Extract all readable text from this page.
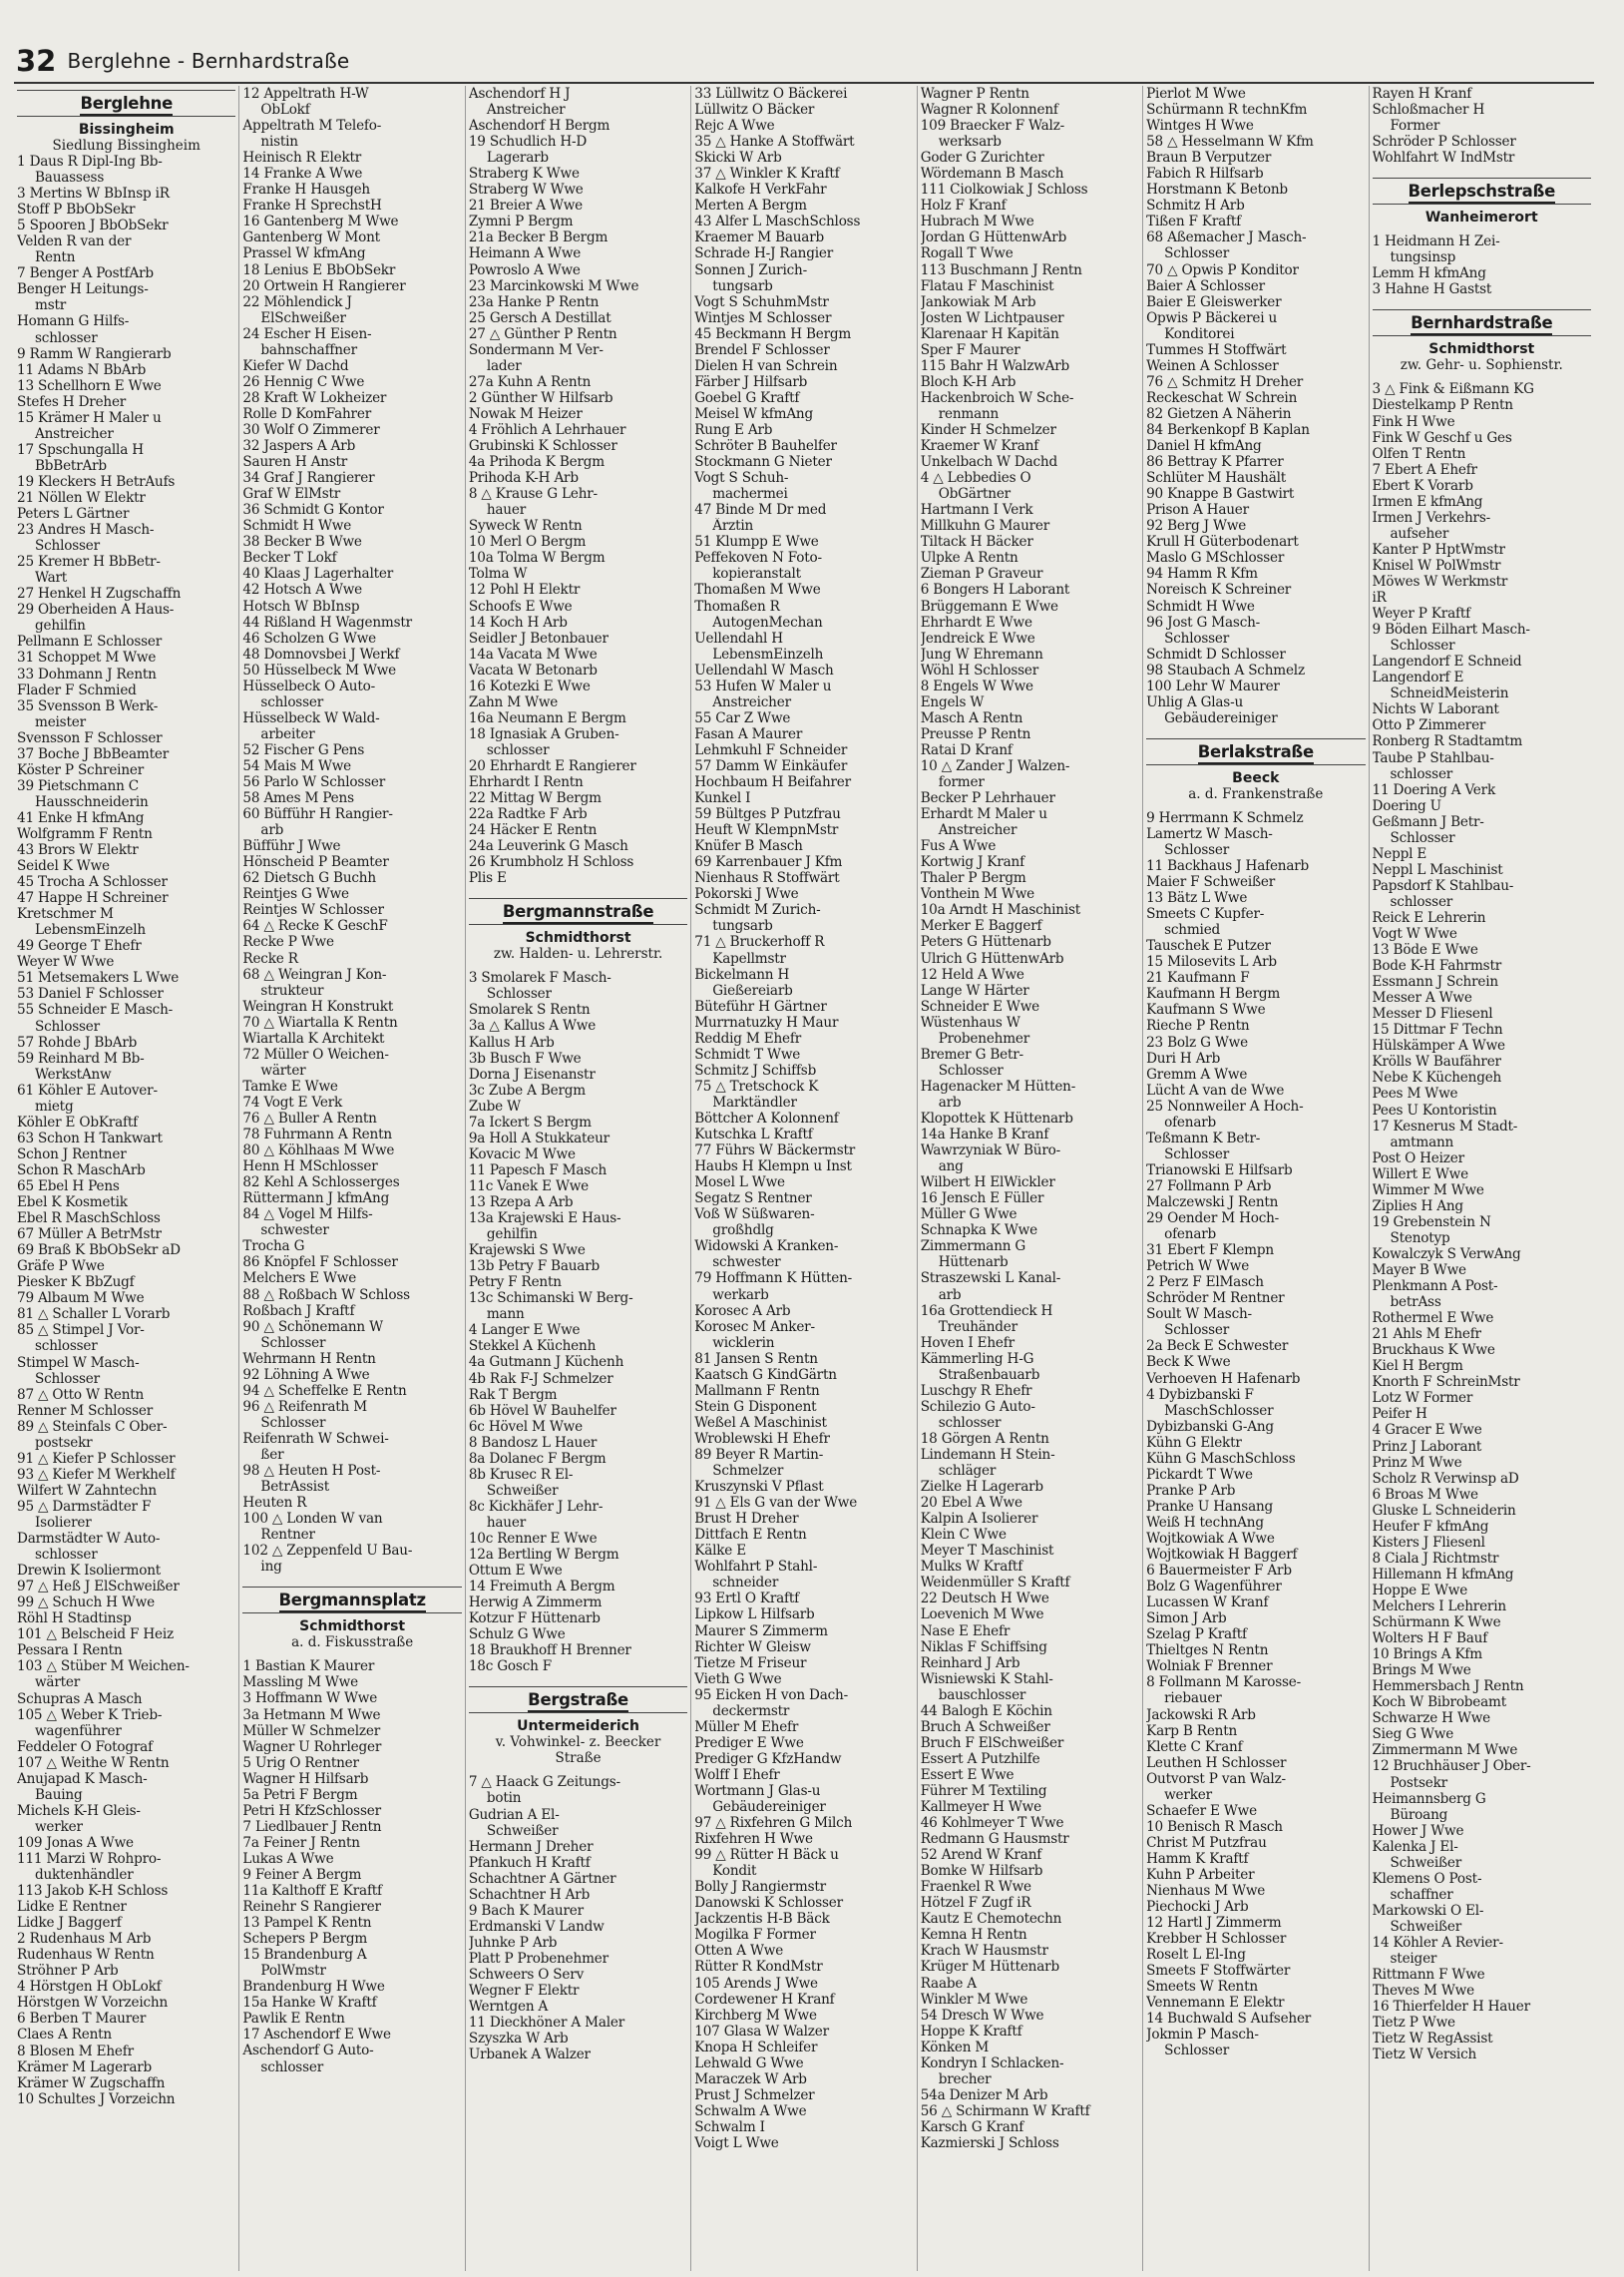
32 Berglehne - Bernhardstraße
Berglehne
Bissingheim
Siedlung Bissingheim
1 Daus R Dipl-Ing Bb-
Bauassess
3 Mertins W BbInsp iR
Stoff P BbObSekr
5 Spooren J BbObSekr
Velden R van der
Rentn
7 Benger A PostfArb
Benger H Leitungs-
mstr
Homann G Hilfs-
schlosser
9 Ramm W Rangierarb
11 Adams N BbArb
13 Schellhorn E Wwe
Stefes H Dreher
15 Krämer H Maler u
Anstreicher
17 Spschungalla H
BbBetrArb
19 Kleckers H BetrAufs
21 Nöllen W Elektr
Peters L Gärtner
23 Andres H Masch-
Schlosser
25 Kremer H BbBetr-
Wart
27 Henkel H Zugschaffn
29 Oberheiden A Haus-
gehilfin
Pellmann E Schlosser
31 Schoppet M Wwe
33 Dohmann J Rentn
Flader F Schmied
35 Svensson B Werk-
meister
Svensson F Schlosser
37 Boche J BbBeamter
Köster P Schreiner
39 Pietschmann C
Hausschneiderin
41 Enke H kfmAng
Wolfgramm F Rentn
43 Brors W Elektr
Seidel K Wwe
45 Trocha A Schlosser
47 Happe H Schreiner
Kretschmer M
LebensmEinzelh
49 George T Ehefr
Weyer W Wwe
51 Metsemakers L Wwe
53 Daniel F Schlosser
55 Schneider E Masch-
Schlosser
57 Rohde J BbArb
59 Reinhard M Bb-
WerkstAnw
61 Köhler E Autover-
mietg
Köhler E ObKraftf
63 Schon H Tankwart
Schon J Rentner
Schon R MaschArb
65 Ebel H Pens
Ebel K Kosmetik
Ebel R MaschSchloss
67 Müller A BetrMstr
69 Braß K BbObSekr aD
Gräfe P Wwe
Piesker K BbZugf
79 Albaum M Wwe
81 △ Schaller L Vorarb
85 △ Stimpel J Vor-
schlosser
Stimpel W Masch-
Schlosser
87 △ Otto W Rentn
Renner M Schlosser
89 △ Steinfals C Ober-
postsekr
91 △ Kiefer P Schlosser
93 △ Kiefer M Werkhelf
Wilfert W Zahntechn
95 △ Darmstädter F
Isolierer
Darmstädter W Auto-
schlosser
Drewin K Isoliermont
97 △ Heß J ElSchweißer
99 △ Schuch H Wwe
Röhl H Stadtinsp
101 △ Belscheid F Heiz
Pessara I Rentn
103 △ Stüber M Weichen-
wärter
Schupras A Masch
105 △ Weber K Trieb-
wagenführer
Feddeler O Fotograf
107 △ Weithe W Rentn
Anujapad K Masch-
Bauing
Michels K-H Gleis-
werker
109 Jonas A Wwe
111 Marzi W Rohpro-
duktenhändler
113 Jakob K-H Schloss
Lidke E Rentner
Lidke J Baggerf
2 Rudenhaus M Arb
Rudenhaus W Rentn
Ströhner P Arb
4 Hörstgen H ObLokf
Hörstgen W Vorzeichn
6 Berben T Maurer
Claes A Rentn
8 Blosen M Ehefr
Krämer M Lagerarb
Krämer W Zugschaffn
10 Schultes J Vorzeichn
12 Appeltrath H-W
ObLokf
Appeltrath M Telefo-
nistin
Heinisch R Elektr
14 Franke A Wwe
Franke H Hausgeh
Franke H SprechstH
16 Gantenberg M Wwe
Gantenberg W Mont
Prassel W kfmAng
18 Lenius E BbObSekr
20 Ortwein H Rangierer
22 Möhlendick J
ElSchweißer
24 Escher H Eisen-
bahnschaffner
Kiefer W Dachd
26 Hennig C Wwe
28 Kraft W Lokheizer
Rolle D KomFahrer
30 Wolf O Zimmerer
32 Jaspers A Arb
Sauren H Anstr
34 Graf J Rangierer
Graf W ElMstr
36 Schmidt G Kontor
Schmidt H Wwe
38 Becker B Wwe
Becker T Lokf
40 Klaas J Lagerhalter
42 Hotsch A Wwe
Hotsch W BbInsp
44 Rißland H Wagenmstr
46 Scholzen G Wwe
48 Domnovsbei J Werkf
50 Hüsselbeck M Wwe
Hüsselbeck O Auto-
schlosser
Hüsselbeck W Wald-
arbeiter
52 Fischer G Pens
54 Mais M Wwe
56 Parlo W Schlosser
58 Ames M Pens
60 Büfführ H Rangier-
arb
Büfführ J Wwe
Hönscheid P Beamter
62 Dietsch G Buchh
Reintjes G Wwe
Reintjes W Schlosser
64 △ Recke K GeschF
Recke P Wwe
Recke R
68 △ Weingran J Kon-
strukteur
Weingran H Konstrukt
70 △ Wiartalla K Rentn
Wiartalla K Architekt
72 Müller O Weichen-
wärter
Tamke E Wwe
74 Vogt E Verk
76 △ Buller A Rentn
78 Fuhrmann A Rentn
80 △ Köhlhaas M Wwe
Henn H MSchlosser
82 Kehl A Schlosserges
Rüttermann J kfmAng
84 △ Vogel M Hilfs-
schwester
Trocha G
86 Knöpfel F Schlosser
Melchers E Wwe
88 △ Roßbach W Schloss
Roßbach J Kraftf
90 △ Schönemann W
Schlosser
Wehrmann H Rentn
92 Löhning A Wwe
94 △ Scheffelke E Rentn
96 △ Reifenrath M
Schlosser
Reifenrath W Schwei-
ßer
98 △ Heuten H Post-
BetrAssist
Heuten R
100 △ Londen W van
Rentner
102 △ Zeppenfeld U Bau-
ing
Bergmannsplatz
Schmidthorst
a. d. Fiskusstraße
1 Bastian K Maurer
Massling M Wwe
3 Hoffmann W Wwe
3a Hetmann M Wwe
Müller W Schmelzer
Wagner U Rohrleger
5 Urig O Rentner
Wagner H Hilfsarb
5a Petri F Bergm
Petri H KfzSchlosser
7 Liedlbauer J Rentn
7a Feiner J Rentn
Lukas A Wwe
9 Feiner A Bergm
11a Kalthoff E Kraftf
Reinehr S Rangierer
13 Pampel K Rentn
Schepers P Bergm
15 Brandenburg A
PolWmstr
Brandenburg H Wwe
15a Hanke W Kraftf
Pawlik E Rentn
17 Aschendorf E Wwe
Aschendorf G Auto-
schlosser
Aschendorf H J
Anstreicher
Aschendorf H Bergm
19 Schudlich H-D
Lagerarb
Straberg K Wwe
Straberg W Wwe
21 Breier A Wwe
Zymni P Bergm
21a Becker B Bergm
Heimann A Wwe
Powroslo A Wwe
23 Marcinkowski M Wwe
23a Hanke P Rentn
25 Gersch A Destillat
27 △ Günther P Rentn
Sondermann M Ver-
lader
27a Kuhn A Rentn
2 Günther W Hilfsarb
Nowak M Heizer
4 Fröhlich A Lehrhauer
Grubinski K Schlosser
4a Prihoda K Bergm
Prihoda K-H Arb
8 △ Krause G Lehr-
hauer
Syweck W Rentn
10 Merl O Bergm
10a Tolma W Bergm
Tolma W
12 Pohl H Elektr
Schoofs E Wwe
14 Koch H Arb
Seidler J Betonbauer
14a Vacata M Wwe
Vacata W Betonarb
16 Kotezki E Wwe
Zahn M Wwe
16a Neumann E Bergm
18 Ignasiak A Gruben-
schlosser
20 Ehrhardt E Rangierer
Ehrhardt I Rentn
22 Mittag W Bergm
22a Radtke F Arb
24 Häcker E Rentn
24a Leuverink G Masch
26 Krumbholz H Schloss
Plis E
Bergmannstraße
Schmidthorst
zw. Halden- u. Lehrerstr.
3 Smolarek F Masch-
Schlosser
Smolarek S Rentn
3a △ Kallus A Wwe
Kallus H Arb
3b Busch F Wwe
Dorna J Eisenanstr
3c Zube A Bergm
Zube W
7a Ickert S Bergm
9a Holl A Stukkateur
Kovacic M Wwe
11 Papesch F Masch
11c Vanek E Wwe
13 Rzepa A Arb
13a Krajewski E Haus-
gehilfin
Krajewski S Wwe
13b Petry F Bauarb
Petry F Rentn
13c Schimanski W Berg-
mann
4 Langer E Wwe
Stekkel A Küchenh
4a Gutmann J Küchenh
4b Rak F-J Schmelzer
Rak T Bergm
6b Hövel W Bauhelfer
6c Hövel M Wwe
8 Bandosz L Hauer
8a Dolanec F Bergm
8b Krusec R El-
Schweißer
8c Kickhäfer J Lehr-
hauer
10c Renner E Wwe
12a Bertling W Bergm
Ottum E Wwe
14 Freimuth A Bergm
Herwig A Zimmerm
Kotzur F Hüttenarb
Schulz G Wwe
18 Braukhoff H Brenner
18c Gosch F
Bergstraße
Untermeiderich
v. Vohwinkel- z. Beecker
Straße
7 △ Haack G Zeitungs-
botin
Gudrian A El-
Schweißer
Hermann J Dreher
Pfankuch H Kraftf
Schachtner A Gärtner
Schachtner H Arb
9 Bach K Maurer
Erdmanski V Landw
Juhnke P Arb
Platt P Probenehmer
Schweers O Serv
Wegner F Elektr
Werntgen A
11 Dieckhöner A Maler
Szyszka W Arb
Urbanek A Walzer
33 Lüllwitz O Bäckerei
Lüllwitz O Bäcker
Rejc A Wwe
35 △ Hanke A Stoffwärt
Skicki W Arb
37 △ Winkler K Kraftf
Kalkofe H VerkFahr
Merten A Bergm
43 Alfer L MaschSchloss
Kraemer M Bauarb
Schrade H-J Rangier
Sonnen J Zurich-
tungsarb
Vogt S SchuhmMstr
Wintjes M Schlosser
45 Beckmann H Bergm
Brendel F Schlosser
Dielen H van Schrein
Färber J Hilfsarb
Goebel G Kraftf
Meisel W kfmAng
Rung E Arb
Schröter B Bauhelfer
Stockmann G Nieter
Vogt S Schuh-
machermei
47 Binde M Dr med
Ärztin
51 Klumpp E Wwe
Peffekoven N Foto-
kopieranstalt
Thomaßen M Wwe
Thomaßen R
AutogenMechan
Uellendahl H
LebensmEinzelh
Uellendahl W Masch
53 Hufen W Maler u
Anstreicher
55 Car Z Wwe
Fasan A Maurer
Lehmkuhl F Schneider
57 Damm W Einkäufer
Hochbaum H Beifahrer
Kunkel I
59 Bültges P Putzfrau
Heuft W KlempnMstr
Knüfer B Masch
69 Karrenbauer J Kfm
Nienhaus R Stoffwärt
Pokorski J Wwe
Schmidt M Zurich-
tungsarb
71 △ Bruckerhoff R
Kapellmstr
Bickelmann H
Gießereiarb
Büteführ H Gärtner
Murrnatuzky H Maur
Reddig M Ehefr
Schmidt T Wwe
Schmitz J Schiffsb
75 △ Tretschock K
Marktändler
Böttcher A Kolonnenf
Kutschka L Kraftf
77 Führs W Bäckermstr
Haubs H Klempn u Inst
Mosel L Wwe
Segatz S Rentner
Voß W Süßwaren-
großhdlg
Widowski A Kranken-
schwester
79 Hoffmann K Hütten-
werkarb
Korosec A Arb
Korosec M Anker-
wicklerin
81 Jansen S Rentn
Kaatsch G KindGärtn
Mallmann F Rentn
Stein G Disponent
Weßel A Maschinist
Wroblewski H Ehefr
89 Beyer R Martin-
Schmelzer
Kruszynski V Pflast
91 △ Els G van der Wwe
Brust H Dreher
Dittfach E Rentn
Kälke E
Wohlfahrt P Stahl-
schneider
93 Ertl O Kraftf
Lipkow L Hilfsarb
Maurer S Zimmerm
Richter W Gleisw
Tietze M Friseur
Vieth G Wwe
95 Eicken H von Dach-
deckermstr
Müller M Ehefr
Prediger E Wwe
Prediger G KfzHandw
Wolff I Ehefr
Wortmann J Glas-u
Gebäudereiniger
97 △ Rixfehren G Milch
Rixfehren H Wwe
99 △ Rütter H Bäck u
Kondit
Bolly J Rangiermstr
Danowski K Schlosser
Jackzentis H-B Bäck
Mogilka F Former
Otten A Wwe
Rütter R KondMstr
105 Arends J Wwe
Cordewener H Kranf
Kirchberg M Wwe
107 Glasa W Walzer
Knopa H Schleifer
Lehwald G Wwe
Maraczek W Arb
Prust J Schmelzer
Schwalm A Wwe
Schwalm I
Voigt L Wwe
Wagner P Rentn
Wagner R Kolonnenf
109 Braecker F Walz-
werksarb
Goder G Zurichter
Wördemann B Masch
111 Ciolkowiak J Schloss
Holz F Kranf
Hubrach M Wwe
Jordan G HüttenwArb
Rogall T Wwe
113 Buschmann J Rentn
Flatau F Maschinist
Jankowiak M Arb
Josten W Lichtpauser
Klarenaar H Kapitän
Sper F Maurer
115 Bahr H WalzwArb
Bloch K-H Arb
Hackenbroich W Sche-
renmann
Kinder H Schmelzer
Kraemer W Kranf
Unkelbach W Dachd
4 △ Lebbedies O
ObGärtner
Hartmann I Verk
Millkuhn G Maurer
Tiltack H Bäcker
Ulpke A Rentn
Zieman P Graveur
6 Bongers H Laborant
Brüggemann E Wwe
Ehrhardt E Wwe
Jendreick E Wwe
Jung W Ehremann
Wöhl H Schlosser
8 Engels W Wwe
Engels W
Masch A Rentn
Preusse P Rentn
Ratai D Kranf
10 △ Zander J Walzen-
former
Becker P Lehrhauer
Erhardt M Maler u
Anstreicher
Fus A Wwe
Kortwig J Kranf
Thaler P Bergm
Vonthein M Wwe
10a Arndt H Maschinist
Merker E Baggerf
Peters G Hüttenarb
Ulrich G HüttenwArb
12 Held A Wwe
Lange W Härter
Schneider E Wwe
Wüstenhaus W
Probenehmer
Bremer G Betr-
Schlosser
Hagenacker M Hütten-
arb
Klopottek K Hüttenarb
14a Hanke B Kranf
Wawrzyniak W Büro-
ang
Wilbert H ElWickler
16 Jensch E Füller
Müller G Wwe
Schnapka K Wwe
Zimmermann G
Hüttenarb
Straszewski L Kanal-
arb
16a Grottendieck H
Treuhänder
Hoven I Ehefr
Kämmerling H-G
Straßenbauarb
Luschgy R Ehefr
Schilezio G Auto-
schlosser
18 Görgen A Rentn
Lindemann H Stein-
schläger
Zielke H Lagerarb
20 Ebel A Wwe
Kalpin A Isolierer
Klein C Wwe
Meyer T Maschinist
Mulks W Kraftf
Weidenmüller S Kraftf
22 Deutsch H Wwe
Loevenich M Wwe
Nase E Ehefr
Niklas F Schiffsing
Reinhard J Arb
Wisniewski K Stahl-
bauschlosser
44 Balogh E Köchin
Bruch A Schweißer
Bruch F ElSchweißer
Essert A Putzhilfe
Essert E Wwe
Führer M Textiling
Kallmeyer H Wwe
46 Kohlmeyer T Wwe
Redmann G Hausmstr
52 Arend W Kranf
Bomke W Hilfsarb
Fraenkel R Wwe
Hötzel F Zugf iR
Kautz E Chemotechn
Kemna H Rentn
Krach W Hausmstr
Krüger M Hüttenarb
Raabe A
Winkler M Wwe
54 Dresch W Wwe
Hoppe K Kraftf
Könken M
Kondryn I Schlacken-
brecher
54a Denizer M Arb
56 △ Schirmann W Kraftf
Karsch G Kranf
Kazmierski J Schloss
Pierlot M Wwe
Schürmann R technKfm
Wintges H Wwe
58 △ Hesselmann W Kfm
Braun B Verputzer
Fabich R Hilfsarb
Horstmann K Betonb
Schmitz H Arb
Tißen F Kraftf
68 Aßemacher J Masch-
Schlosser
70 △ Opwis P Konditor
Baier A Schlosser
Baier E Gleiswerker
Opwis P Bäckerei u
Konditorei
Tummes H Stoffwärt
Weinen A Schlosser
76 △ Schmitz H Dreher
Reckeschat W Schrein
82 Gietzen A Näherin
84 Berkenkopf B Kaplan
Daniel H kfmAng
86 Bettray K Pfarrer
Schlüter M Haushält
90 Knappe B Gastwirt
Prison A Hauer
92 Berg J Wwe
Krull H Güterbodenart
Maslo G MSchlosser
94 Hamm R Kfm
Noreisch K Schreiner
Schmidt H Wwe
96 Jost G Masch-
Schlosser
Schmidt D Schlosser
98 Staubach A Schmelz
100 Lehr W Maurer
Uhlig A Glas-u
Gebäudereiniger
Berlakstraße
Beeck
a. d. Frankenstraße
9 Herrmann K Schmelz
Lamertz W Masch-
Schlosser
11 Backhaus J Hafenarb
Maier F Schweißer
13 Bätz L Wwe
Smeets C Kupfer-
schmied
Tauschek E Putzer
15 Milosevits L Arb
21 Kaufmann F
Kaufmann H Bergm
Kaufmann S Wwe
Rieche P Rentn
23 Bolz G Wwe
Duri H Arb
Gremm A Wwe
Lücht A van de Wwe
25 Nonnweiler A Hoch-
ofenarb
Teßmann K Betr-
Schlosser
Trianowski E Hilfsarb
27 Follmann P Arb
Malczewski J Rentn
29 Oender M Hoch-
ofenarb
31 Ebert F Klempn
Petrich W Wwe
2 Perz F ElMasch
Schröder M Rentner
Soult W Masch-
Schlosser
2a Beck E Schwester
Beck K Wwe
Verhoeven H Hafenarb
4 Dybizbanski F
MaschSchlosser
Dybizbanski G-Ang
Kühn G Elektr
Kühn G MaschSchloss
Pickardt T Wwe
Pranke P Arb
Pranke U Hansang
Weiß H technAng
Wojtkowiak A Wwe
Wojtkowiak H Baggerf
6 Bauermeister F Arb
Bolz G Wagenführer
Lucassen W Kranf
Simon J Arb
Szelag P Kraftf
Thieltges N Rentn
Wolniak F Brenner
8 Follmann M Karosse-
riebauer
Jackowski R Arb
Karp B Rentn
Klette C Kranf
Leuthen H Schlosser
Outvorst P van Walz-
werker
Schaefer E Wwe
10 Benisch R Masch
Christ M Putzfrau
Hamm K Kraftf
Kuhn P Arbeiter
Nienhaus M Wwe
Piechocki J Arb
12 Hartl J Zimmerm
Krebber H Schlosser
Roselt L El-Ing
Smeets F Stoffwärter
Smeets W Rentn
Vennemann E Elektr
14 Buchwald S Aufseher
Jokmin P Masch-
Schlosser
Rayen H Kranf
Schloßmacher H
Former
Schröder P Schlosser
Wohlfahrt W IndMstr
Berlepschstraße
Wanheimerort
1 Heidmann H Zei-
tungsinsp
Lemm H kfmAng
3 Hahne H Gastst
Bernhardstraße
Schmidthorst
zw. Gehr- u. Sophienstr.
3 △ Fink & Eißmann KG
Diestelkamp P Rentn
Fink H Wwe
Fink W Geschf u Ges
Olfen T Rentn
7 Ebert A Ehefr
Ebert K Vorarb
Irmen E kfmAng
Irmen J Verkehrs-
aufseher
Kanter P HptWmstr
Knisel W PolWmstr
Möwes W Werkmstr
iR
Weyer P Kraftf
9 Böden Eilhart Masch-
Schlosser
Langendorf E Schneid
Langendorf E
SchneidMeisterin
Nichts W Laborant
Otto P Zimmerer
Ronberg R Stadtamtm
Taube P Stahlbau-
schlosser
11 Doering A Verk
Doering U
Geßmann J Betr-
Schlosser
Neppl E
Neppl L Maschinist
Papsdorf K Stahlbau-
schlosser
Reick E Lehrerin
Vogt W Wwe
13 Böde E Wwe
Bode K-H Fahrmstr
Essmann J Schrein
Messer A Wwe
Messer D Fliesenl
15 Dittmar F Techn
Hülskämper A Wwe
Krölls W Baufährer
Nebe K Küchengeh
Pees M Wwe
Pees U Kontoristin
17 Kesnerus M Stadt-
amtmann
Post O Heizer
Willert E Wwe
Wimmer M Wwe
Ziplies H Ang
19 Grebenstein N
Stenotyp
Kowalczyk S VerwAng
Mayer B Wwe
Plenkmann A Post-
betrAss
Rothermel E Wwe
21 Ahls M Ehefr
Bruckhaus K Wwe
Kiel H Bergm
Knorth F SchreinMstr
Lotz W Former
Peifer H
4 Gracer E Wwe
Prinz J Laborant
Prinz M Wwe
Scholz R Verwinsp aD
6 Broas M Wwe
Gluske L Schneiderin
Heufer F kfmAng
Kisters J Fliesenl
8 Ciala J Richtmstr
Hillemann H kfmAng
Hoppe E Wwe
Melchers I Lehrerin
Schürmann K Wwe
Wolters H F Bauf
10 Brings A Kfm
Brings M Wwe
Hemmersbach J Rentn
Koch W Bibrobeamt
Schwarze H Wwe
Sieg G Wwe
Zimmermann M Wwe
12 Bruchhäuser J Ober-
Postsekr
Heimannsberg G
Büroang
Hower J Wwe
Kalenka J El-
Schweißer
Klemens O Post-
schaffner
Markowski O El-
Schweißer
14 Köhler A Revier-
steiger
Rittmann F Wwe
Theves M Wwe
16 Thierfelder H Hauer
Tietz P Wwe
Tietz W RegAssist
Tietz W Versich
